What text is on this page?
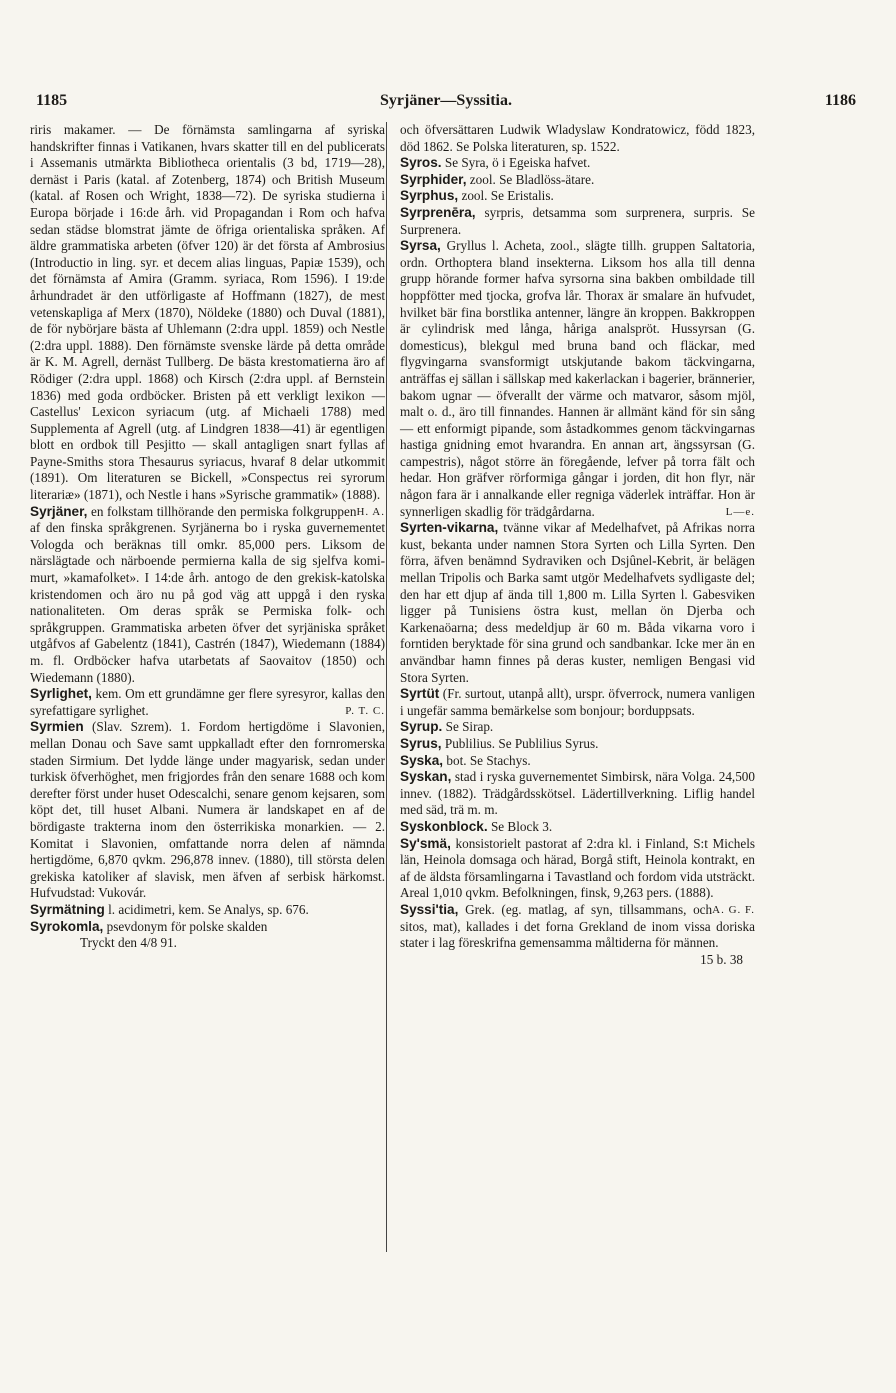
1185	Syrjäner—Syssitia.	1186

riris makamer. — De förnämsta samlingarna af syriska handskrifter finnas i Vatikanen, hvars skatter till en del publicerats i Assemanis utmärkta Bibliotheca orientalis (3 bd, 1719—28), dernäst i Paris (katal. af Zotenberg, 1874) och British Museum (katal. af Rosen och Wright, 1838—72). De syriska studierna i Europa började i 16:de årh. vid Propagandan i Rom och hafva sedan städse blomstrat jämte de öfriga orientaliska språken. Af äldre grammatiska arbeten (öfver 120) är det första af Ambrosius (Introductio in ling. syr. et decem alias linguas, Papiæ 1539), och det förnämsta af Amira (Gramm. syriaca, Rom 1596). I 19:de århundradet är den utförligaste af Hoffmann (1827), de mest vetenskapliga af Merx (1870), Nöldeke (1880) och Duval (1881), de för nybörjare bästa af Uhlemann (2:dra uppl. 1859) och Nestle (2:dra uppl. 1888). Den förnämste svenske lärde på detta område är K. M. Agrell, dernäst Tullberg. De bästa krestomatierna äro af Rödiger (2:dra uppl. 1868) och Kirsch (2:dra uppl. af Bernstein 1836) med goda ordböcker. Bristen på ett verkligt lexikon — Castellus' Lexicon syriacum (utg. af Michaeli 1788) med Supplementa af Agrell (utg. af Lindgren 1838—41) är egentligen blott en ordbok till Pesjitto — skall antagligen snart fyllas af Payne-Smiths stora Thesaurus syriacus, hvaraf 8 delar utkommit (1891). Om literaturen se Bickell, »Conspectus rei syrorum literariæ» (1871), och Nestle i hans »Syrische grammatik» (1888).
H. A.

Syrjäner, en folkstam tillhörande den permiska folkgruppen af den finska språkgrenen. Syrjänerna bo i ryska guvernementet Vologda och beräknas till omkr. 85,000 pers. Liksom de närslägtade och närboende permierna kalla de sig sjelfva komi-murt, »kamafolket». I 14:de årh. antogo de den grekisk-katolska kristendomen och äro nu på god väg att uppgå i den ryska nationaliteten. Om deras språk se Permiska folk- och språkgruppen. Grammatiska arbeten öfver det syrjäniska språket utgåfvos af Gabelentz (1841), Castrén (1847), Wiedemann (1884) m. fl. Ordböcker hafva utarbetats af Saovaitov (1850) och Wiedemann (1880).

Syrlighet, kem. Om ett grundämne ger flere syresyror, kallas den syrefattigare syrlighet.	P. T. C.

Syrmien (Slav. Szrem). 1. Fordom hertigdöme i Slavonien, mellan Donau och Save samt uppkalladt efter den fornromerska staden Sirmium. Det lydde länge under magyarisk, sedan under turkisk öfverhöghet, men frigjordes från den senare 1688 och kom derefter först under huset Odescalchi, senare genom kejsaren, som köpt det, till huset Albani. Numera är landskapet en af de bördigaste trakterna inom den österrikiska monarkien. — 2. Komitat i Slavonien, omfattande norra delen af nämnda hertigdöme, 6,870 qvkm. 296,878 innev. (1880), till största delen grekiska katoliker af slavisk, men äfven af serbisk härkomst. Hufvudstad: Vukovár.

Syrmätning l. acidimetri, kem. Se Analys, sp. 676.

Syrokomla, psevdonym för polske skalden

Tryckt den 4/8 91.

och öfversättaren Ludwik Wladyslaw Kondratowicz, född 1823, död 1862. Se Polska literaturen, sp. 1522.

Syros. Se Syra, ö i Egeiska hafvet.

Syrphider, zool. Se Bladlöss-ätare.

Syrphus, zool. Se Eristalis.

Syrprenēra, syrpris, detsamma som surprenera, surpris. Se Surprenera.

Syrsa, Gryllus l. Acheta, zool., slägte tillh. gruppen Saltatoria, ordn. Orthoptera bland insekterna. Liksom hos alla till denna grupp hörande former hafva syrsorna sina bakben ombildade till hoppfötter med tjocka, grofva lår. Thorax är smalare än hufvudet, hvilket bär fina borstlika antenner, längre än kroppen. Bakkroppen är cylindrisk med långa, håriga analspröt. Hussyrsan (G. domesticus), blekgul med bruna band och fläckar, med flygvingarna svansformigt utskjutande bakom täckvingarna, anträffas ej sällan i sällskap med kakerlackan i bagerier, brännerier, bakom ugnar — öfverallt der värme och matvaror, såsom mjöl, malt o. d., äro till finnandes. Hannen är allmänt känd för sin sång — ett enformigt pipande, som åstadkommes genom täckvingarnas hastiga gnidning emot hvarandra. En annan art, ängssyrsan (G. campestris), något större än föregående, lefver på torra fält och hedar. Hon gräfver rörformiga gångar i jorden, dit hon flyr, när någon fara är i annalkande eller regniga väderlek inträffar. Hon är synnerligen skadlig för trädgårdarna.	L—e.

Syrten-vikarna, tvänne vikar af Medelhafvet, på Afrikas norra kust, bekanta under namnen Stora Syrten och Lilla Syrten. Den förra, äfven benämnd Sydraviken och Dsjûnel-Kebrit, är belägen mellan Tripolis och Barka samt utgör Medelhafvets sydligaste del; den har ett djup af ända till 1,800 m. Lilla Syrten l. Gabesviken ligger på Tunisiens östra kust, mellan ön Djerba och Karkenaöarna; dess medeldjup är 60 m. Båda vikarna voro i forntiden beryktade för sina grund och sandbankar. Icke mer än en användbar hamn finnes på deras kuster, nemligen Bengasi vid Stora Syrten.

Syrtüt (Fr. surtout, utanpå allt), urspr. öfverrock, numera vanligen i ungefär samma bemärkelse som bonjour; borduppsats.

Syrup. Se Sirap.

Syrus, Publilius. Se Publilius Syrus.

Syska, bot. Se Stachys.

Syskan, stad i ryska guvernementet Simbirsk, nära Volga. 24,500 innev. (1882). Trädgårdsskötsel. Lädertillverkning. Liflig handel med säd, trä m. m.

Syskonblock. Se Block 3.

Sy'smä, konsistorielt pastorat af 2:dra kl. i Finland, S:t Michels län, Heinola domsaga och härad, Borgå stift, Heinola kontrakt, en af de äldsta församlingarna i Tavastland och fordom vida utsträckt. Areal 1,010 qvkm. Befolkningen, finsk, 9,263 pers. (1888).
A. G. F.

Syssi'tia, Grek. (eg. matlag, af syn, tillsammans, och sitos, mat), kallades i det forna Grekland de inom vissa doriska stater i lag föreskrifna gemensamma måltiderna för männen.

15 b. 38
